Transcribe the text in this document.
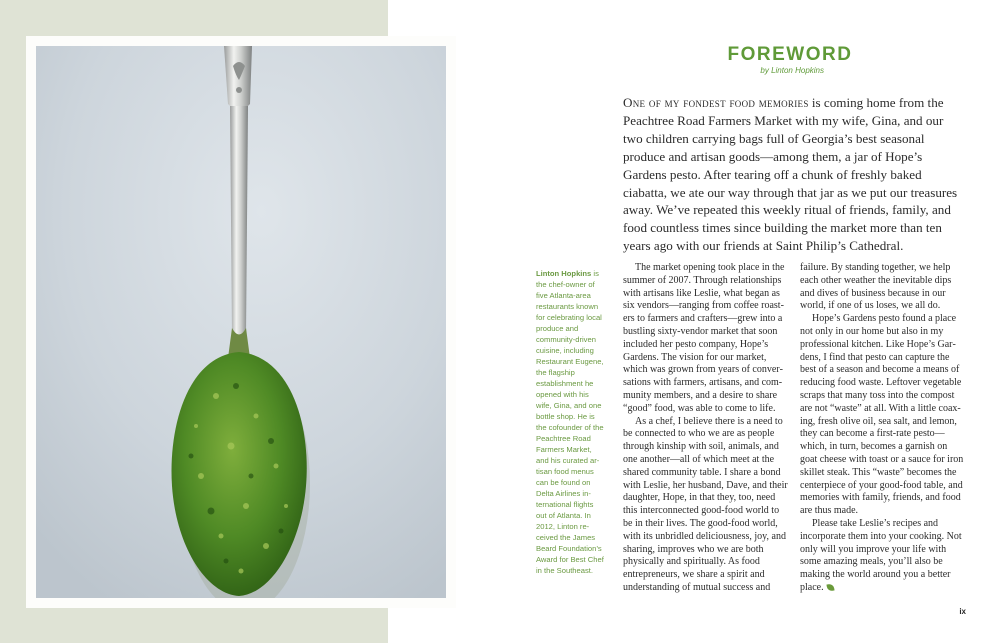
FOREWORD
by Linton Hopkins

One of my fondest food memories is coming home from the Peachtree Road Farmers Market with my wife, Gina, and our two children carrying bags full of Georgia’s best seasonal produce and artisan goods—among them, a jar of Hope’s Gardens pesto. After tearing off a chunk of freshly baked ciabatta, we ate our way through that jar as we put our treasures away. We’ve repeated this weekly ritual of friends, family, and food countless times since building the market more than ten years ago with our friends at Saint Philip’s Cathedral.

Linton Hopkins is the chef-owner of five Atlanta-area restaurants known for celebrating local produce and community-driven cuisine, including Restaurant Eugene, the flagship establishment he opened with his wife, Gina, and one bottle shop. He is the cofounder of the Peachtree Road Farmers Market, and his curated artisan food menus can be found on Delta Airlines international flights out of Atlanta. In 2012, Linton received the James Beard Foundation’s Award for Best Chef in the Southeast.

The market opening took place in the summer of 2007. Through relationships with artisans like Leslie, what began as six vendors—ranging from coffee roasters to farmers and crafters—grew into a bustling sixty-vendor market that soon included her pesto company, Hope’s Gardens. The vision for our market, which was grown from years of conversations with farmers, artisans, and community members, and a desire to share “good” food, was able to come to life.

As a chef, I believe there is a need to be connected to who we are as people through kinship with soil, animals, and one another—all of which meet at the shared community table. I share a bond with Leslie, her husband, Dave, and their daughter, Hope, in that they, too, need this interconnected good-food world to be in their lives. The good-food world, with its unbridled deliciousness, joy, and sharing, improves who we are both physically and spiritually. As food entrepreneurs, we share a spirit and understanding of mutual success and

failure. By standing together, we help each other weather the inevitable dips and dives of business because in our world, if one of us loses, we all do.

Hope’s Gardens pesto found a place not only in our home but also in my professional kitchen. Like Hope’s Gardens, I find that pesto can capture the best of a season and become a means of reducing food waste. Leftover vegetable scraps that many toss into the compost are not “waste” at all. With a little coaxing, fresh olive oil, sea salt, and lemon, they can become a first-rate pesto—which, in turn, becomes a garnish on goat cheese with toast or a sauce for iron skillet steak. This “waste” becomes the centerpiece of your good-food table, and memories with family, friends, and food are thus made.

Please take Leslie’s recipes and incorporate them into your cooking. Not only will you improve your life with some amazing meals, you’ll also be making the world around you a better place.

ix
